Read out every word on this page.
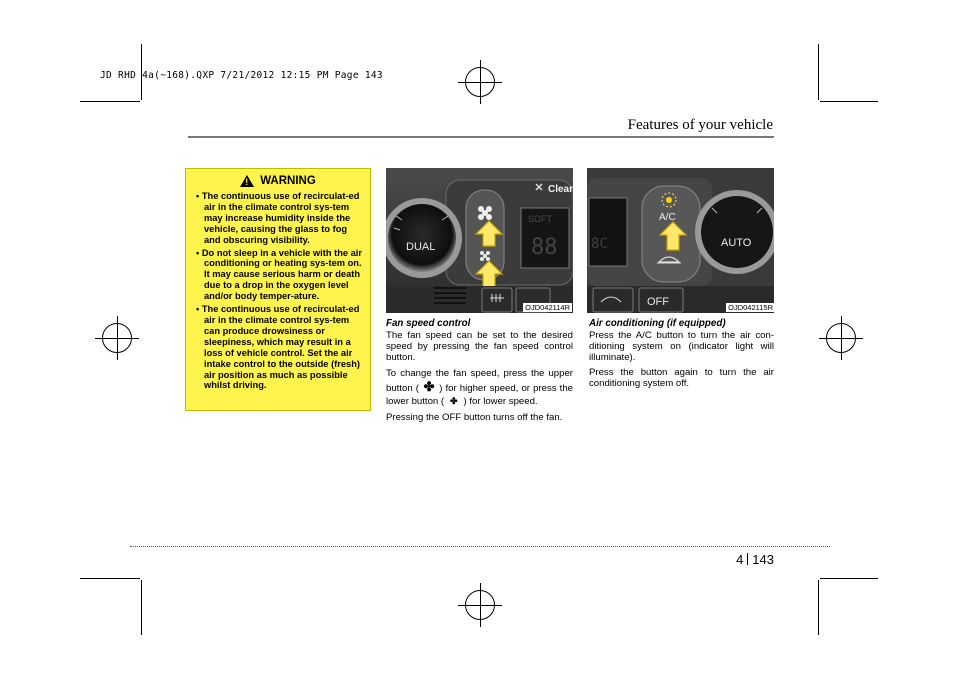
JD RHD 4a(~168).QXP 7/21/2012 12:15 PM Page 143
Features of your vehicle
! WARNING
• The continuous use of recirculat-ed air in the climate control sys-tem may increase humidity inside the vehicle, causing the glass to fog and obscuring visibility.
• Do not sleep in a vehicle with the air conditioning or heating sys-tem on. It may cause serious harm or death due to a drop in the oxygen level and/or body temper-ature.
• The continuous use of recirculat-ed air in the climate control sys-tem can produce drowsiness or sleepiness, which may result in a loss of vehicle control. Set the air intake control to the outside (fresh) air position as much as possible whilst driving.
DUAL
SOFT
88
Clear
OJD042114R
8C
A/C
AUTO
OFF	OJD042115R
Fan speed control

The fan speed can be set to the desired speed by pressing the fan speed control button.

To change the fan speed, press the upper button ( ✤ ) for higher speed, or press the lower button ( ✤ ) for lower speed.

Pressing the OFF button turns off the fan.

Air conditioning (if equipped)

Press the A/C button to turn the air con-ditioning system on (indicator light will illuminate).

Press the button again to turn the air conditioning system off.

4 143
